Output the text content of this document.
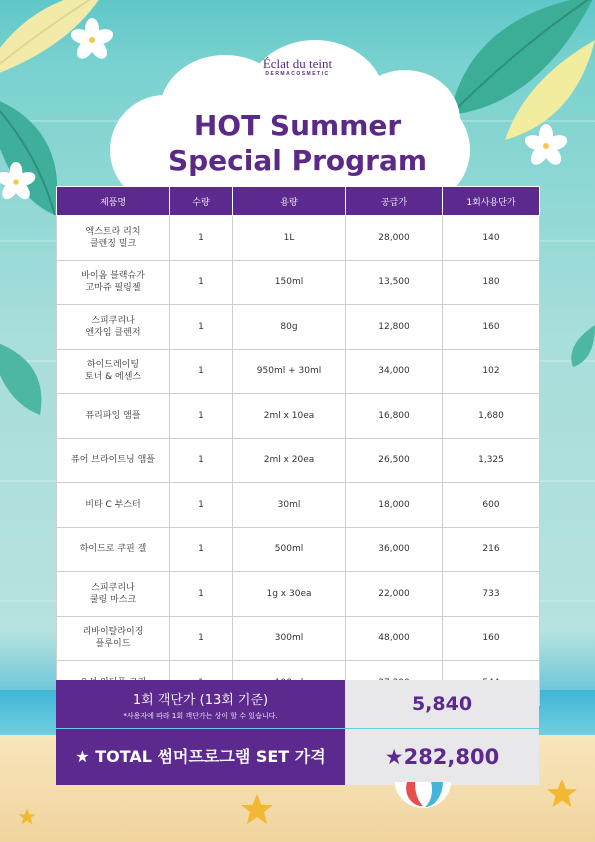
Éclat du teint
DERMACOSMETIC
HOT Summer
Special Program
제품명	수량	용량	공급가	1회사용단가
엑스트라 리치
클렌징 밀크	1	1L	28,000	140
바이옴 블랙슈가
고마쥬 필링젤	1	150ml	13,500	180
스피쿠리나
엔자임 클렌저	1	80g	12,800	160
하이드레이팅
토너 & 에센스	1	950ml + 30ml	34,000	102
퓨리파잉 앰플	1	2ml x 10ea	16,800	1,680
퓨어 브라이트닝 앰플	1	2ml x 20ea	26,500	1,325
비타 C 부스터	1	30ml	18,000	600
하이드로 쿠핀 겔	1	500ml	36,000	216
스피쿠리나
쿨링 마스크	1	1g x 30ea	22,000	733
리바이탈라이징
플루이드	1	300ml	48,000	160

1회 객단가 (13회 기준)
*사용자에 따라 1회 객단가는 상이 할 수 있습니다.
5,840
★ TOTAL 썸머프로그램 SET 가격	★282,800
